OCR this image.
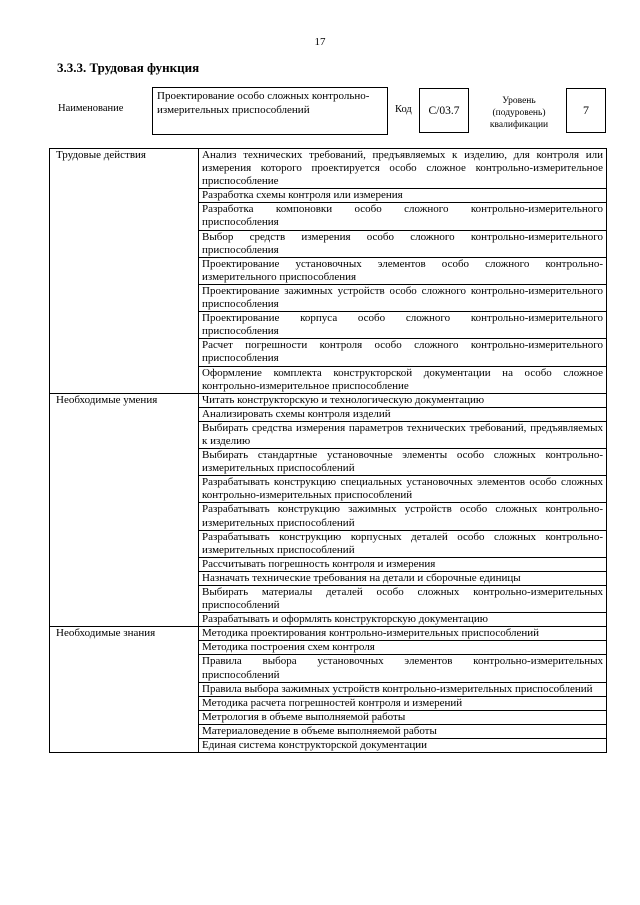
17
3.3.3. Трудовая функция
Наименование
Проектирование особо сложных контрольно-измерительных приспособлений	Код C/03.7
Уровень (подуровень) квалификации
7
Трудовые действия	Анализ технических требований, предъявляемых к изделию, для контроля или измерения которого проектируется особо сложное контрольно-измерительное приспособление
	Разработка схемы контроля или измерения
	Разработка компоновки особо сложного контрольно-измерительного приспособления
	Выбор средств измерения особо сложного контрольно-измерительного приспособления
	Проектирование установочных элементов особо сложного контрольно-измерительного приспособления
	Проектирование зажимных устройств особо сложного контрольно-измерительного приспособления
	Проектирование корпуса особо сложного контрольно-измерительного приспособления
	Расчет погрешности контроля особо сложного контрольно-измерительного приспособления
	Оформление комплекта конструкторской документации на особо сложное контрольно-измерительное приспособление
Необходимые умения	Читать конструкторскую и технологическую документацию
	Анализировать схемы контроля изделий
	Выбирать средства измерения параметров технических требований, предъявляемых к изделию
	Выбирать стандартные установочные элементы особо сложных контрольно-измерительных приспособлений
	Разрабатывать конструкцию специальных установочных элементов особо сложных контрольно-измерительных приспособлений
	Разрабатывать конструкцию зажимных устройств особо сложных контрольно-измерительных приспособлений
	Разрабатывать конструкцию корпусных деталей особо сложных контрольно-измерительных приспособлений
	Рассчитывать погрешность контроля и измерения
	Назначать технические требования на детали и сборочные единицы
	Выбирать материалы деталей особо сложных контрольно-измерительных приспособлений
	Разрабатывать и оформлять конструкторскую документацию
Необходимые знания	Методика проектирования контрольно-измерительных приспособлений
	Методика построения схем контроля
	Правила выбора установочных элементов контрольно-измерительных приспособлений
	Правила выбора зажимных устройств контрольно-измерительных приспособлений
	Методика расчета погрешностей контроля и измерений
	Метрология в объеме выполняемой работы
	Материаловедение в объеме выполняемой работы
	Единая система конструкторской документации
